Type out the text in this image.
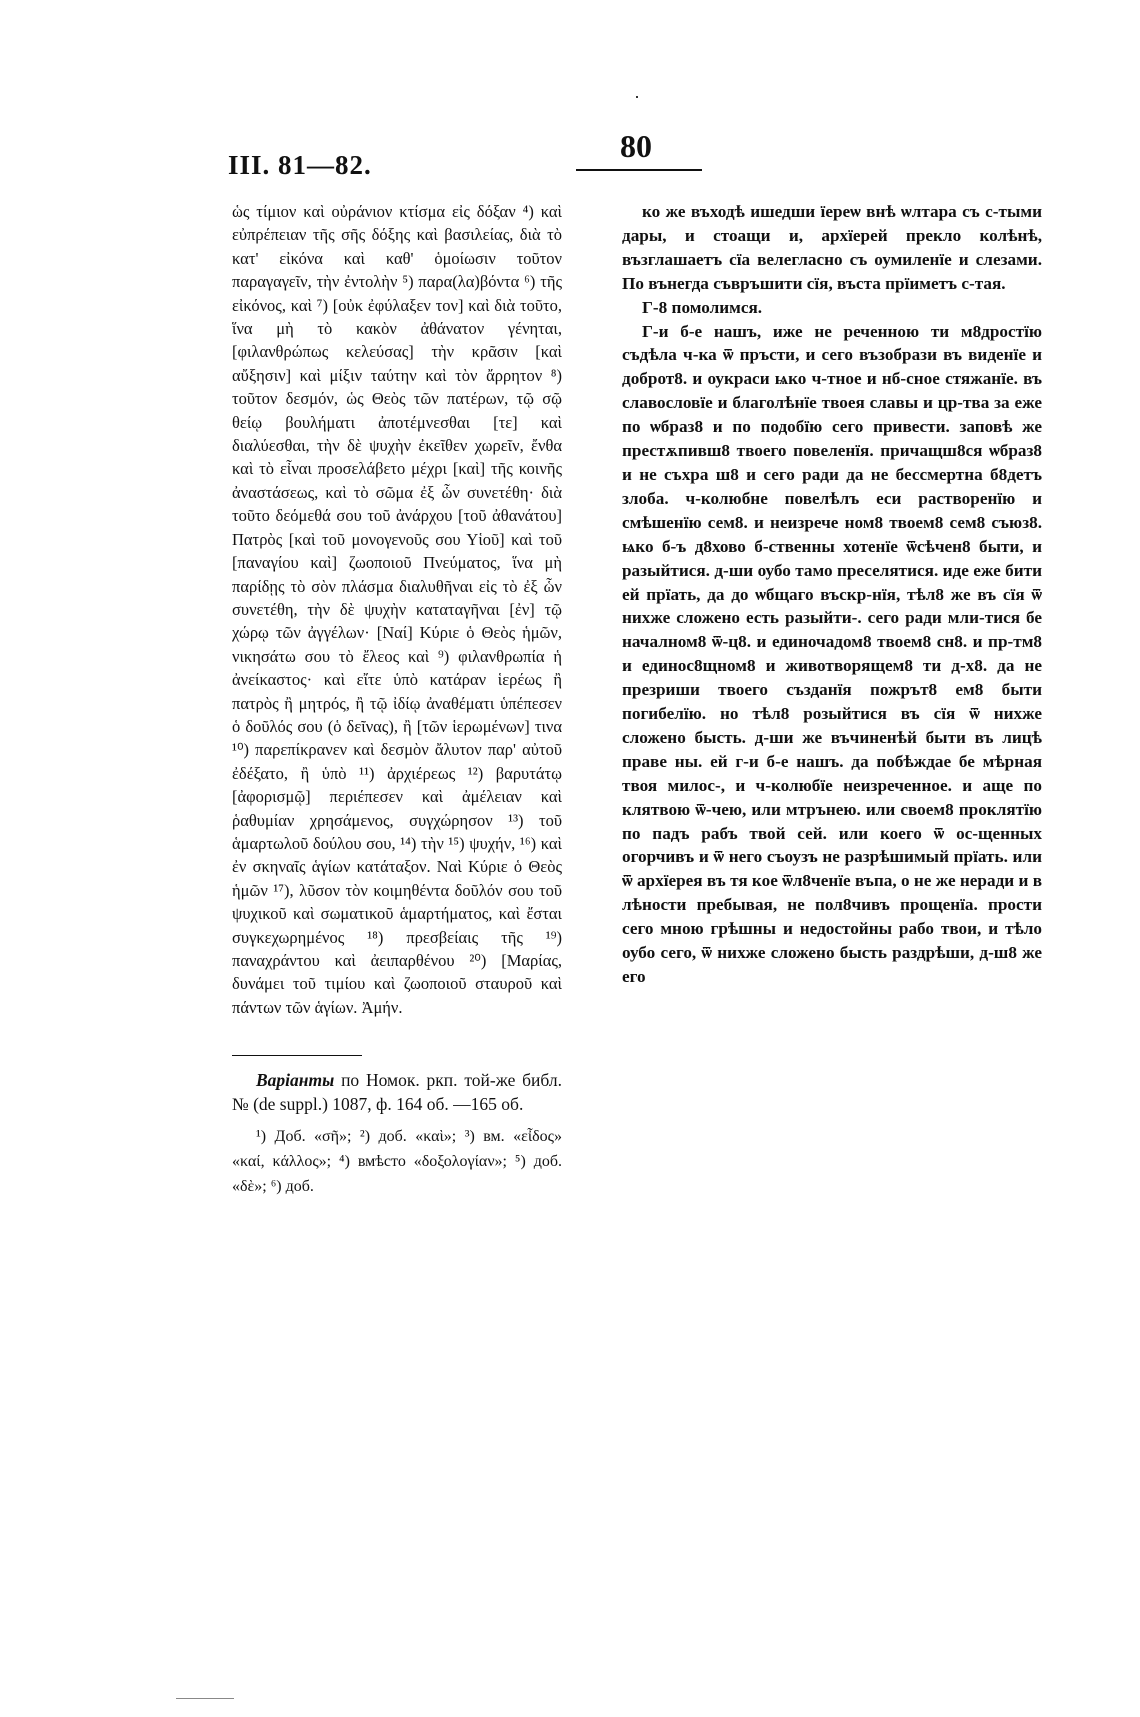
III. 81—82.
80

ὡς τίμιον καὶ οὐράνιον κτίσμα εἰς δόξαν ⁴) καὶ εὐπρέπειαν τῆς σῆς δόξης καὶ βασιλείας, διὰ τὸ κατ' εἰκόνα καὶ καθ' ὁμοίωσιν τοῦτον παραγαγεῖν, τὴν ἐντολὴν ⁵) παρα(λα)βόντα ⁶) τῆς εἰκόνος, καὶ ⁷) [οὐκ ἐφύλαξεν τον] καὶ διὰ τοῦτο, ἵνα μὴ τὸ κακὸν ἀθάνατον γένηται, [φιλανθρώπως κελεύσας] τὴν κρᾶσιν [καὶ αὔξησιν] καὶ μίξιν ταύτην καὶ τὸν ἄρρητον ⁸) τοῦτον δεσμόν, ὡς Θεὸς τῶν πατέρων, τῷ σῷ θείῳ βουλήματι ἀποτέμνεσθαι [τε] καὶ διαλύεσθαι, τὴν δὲ ψυχὴν ἐκεῖθεν χωρεῖν, ἔνθα καὶ τὸ εἶναι προσελάβετο μέχρι [καὶ] τῆς κοινῆς ἀναστάσεως, καὶ τὸ σῶμα ἐξ ὧν συνετέθη· διὰ τοῦτο δεόμεθά σου τοῦ ἀνάρχου [τοῦ ἀθανάτου] Πατρὸς [καὶ τοῦ μονογενοῦς σου Υἱοῦ] καὶ τοῦ [παναγίου καὶ] ζωοποιοῦ Πνεύματος, ἵνα μὴ παρίδῃς τὸ σὸν πλάσμα διαλυθῆναι εἰς τὸ ἐξ ὧν συνετέθη, τὴν δὲ ψυχὴν καταταγῆναι [ἐν] τῷ χώρῳ τῶν ἀγγέλων· [Ναί] Κύριε ὁ Θεὸς ἡμῶν, νικησάτω σου τὸ ἔλεος καὶ ⁹) φιλανθρωπία ἡ ἀνείκαστος· καὶ εἴτε ὑπὸ κατάραν ἱερέως ἢ πατρὸς ἢ μητρός, ἢ τῷ ἰδίῳ ἀναθέματι ὑπέπεσεν ὁ δοῦλός σου (ὁ δεῖνας), ἢ [τῶν ἱερωμένων] τινα ¹⁰) παρεπίκρανεν καὶ δεσμὸν ἄλυτον παρ' αὐτοῦ ἐδέξατο, ἢ ὑπὸ ¹¹) ἀρχιέρεως ¹²) βαρυτάτῳ [ἀφορισμῷ] περιέπεσεν καὶ ἀμέλειαν καὶ ῥαθυμίαν χρησάμενος, συγχώρησον ¹³) τοῦ ἁμαρτωλοῦ δούλου σου, ¹⁴) τὴν ¹⁵) ψυχήν, ¹⁶) καὶ ἐν σκηναῖς ἁγίων κατάταξον. Ναὶ Κύριε ὁ Θεὸς ἡμῶν ¹⁷), λῦσον τὸν κοιμηθέντα δοῦλόν σου τοῦ ψυχικοῦ καὶ σωματικοῦ ἁμαρτήματος, καὶ ἔσται συγκεχωρημένος ¹⁸) πρεσβείαις τῆς ¹⁹) παναχράντου καὶ ἀειπαρθένου ²⁰) [Μαρίας, δυνάμει τοῦ τιμίου καὶ ζωοποιοῦ σταυροῦ καὶ πάντων τῶν ἁγίων. Ἀμήν.

Варіанты по Номок. ркп. той-же библ. № (de suppl.) 1087, ф. 164 об. —165 об.

¹) Доб. «σῆ»; ²) доб. «καὶ»; ³) вм. «εἶδος» «καί, κάλλος»; ⁴) вмѣсто «δοξολογίαν»; ⁵) доб. «δὲ»; ⁶) доб.

ко же въходѣ ишедши їереѡ внѣ ѡлтара съ с-тыми дары, и стоащи и, архїерей прекло колѣнѣ, възглашаетъ сїа велегласно съ оумиленїе и слезами. По вънегда съвръшити сїя, въста прїиметъ с-тая.

Г-8 помолимся.

Г-и б-е нашъ, иже не реченною ти м8дростїю съдѣла ч-ка ѿ пръсти, и сего възобрази въ виденїе и доброт8. и оукраси ѩко ч-тное и нб-сное стяжанїе. въ славословїе и благолѣнїе твоея славы и цр-тва за еже по ѡбраз8 и по подобїю сего привести. заповѣ же престѫпивш8 твоего повеленїя. причащш8ся ѡбраз8 и не съхра ш8 и сего ради да не бессмертна б8детъ злоба. ч-колюбне повелѣлъ еси растворенїю и смѣшенїю сем8. и неизрече ном8 твоем8 сем8 съюз8. ѩко б-ъ д8хово б-ственны хотенїе ѿсѣчен8 быти, и разыйтися. д-ши оубо тамо преселятися. иде еже бити ей прїать, да до ѡбщаго въскр-нїя, тѣл8 же въ сїя ѿ нихже сложено есть разыйти-. сего ради мли-тися бе началном8 ѿ-ц8. и единочадом8 твоем8 сн8. и пр-тм8 и единос8щном8 и животворящем8 ти д-х8. да не презриши твоего създанїя пожрът8 ем8 быти погибелїю. но тѣл8 розыйтися въ сїя ѿ нихже сложено бысть. д-ши же въчиненѣй быти въ лицѣ праве ны. ей г-и б-е нашъ. да побѣждае бе мѣрная твоя милос-, и ч-колюбїе неизреченное. и аще по клятвою ѿ-чею, или мтрънею. или своем8 проклятїю по падъ рабъ твой сей. или коего ѿ ос-щенных огорчивъ и ѿ него съоузъ не разрѣшимый прїать. или ѿ архїерея въ тя кое ѿл8ченїе въпа, о не же неради и в лѣности пребывая, не пол8чивъ прощенїа. прости сего мною грѣшны и недостойны рабо твои, и тѣло оубо сего, ѿ нихже сложено бысть раздрѣши, д-ш8 же его
